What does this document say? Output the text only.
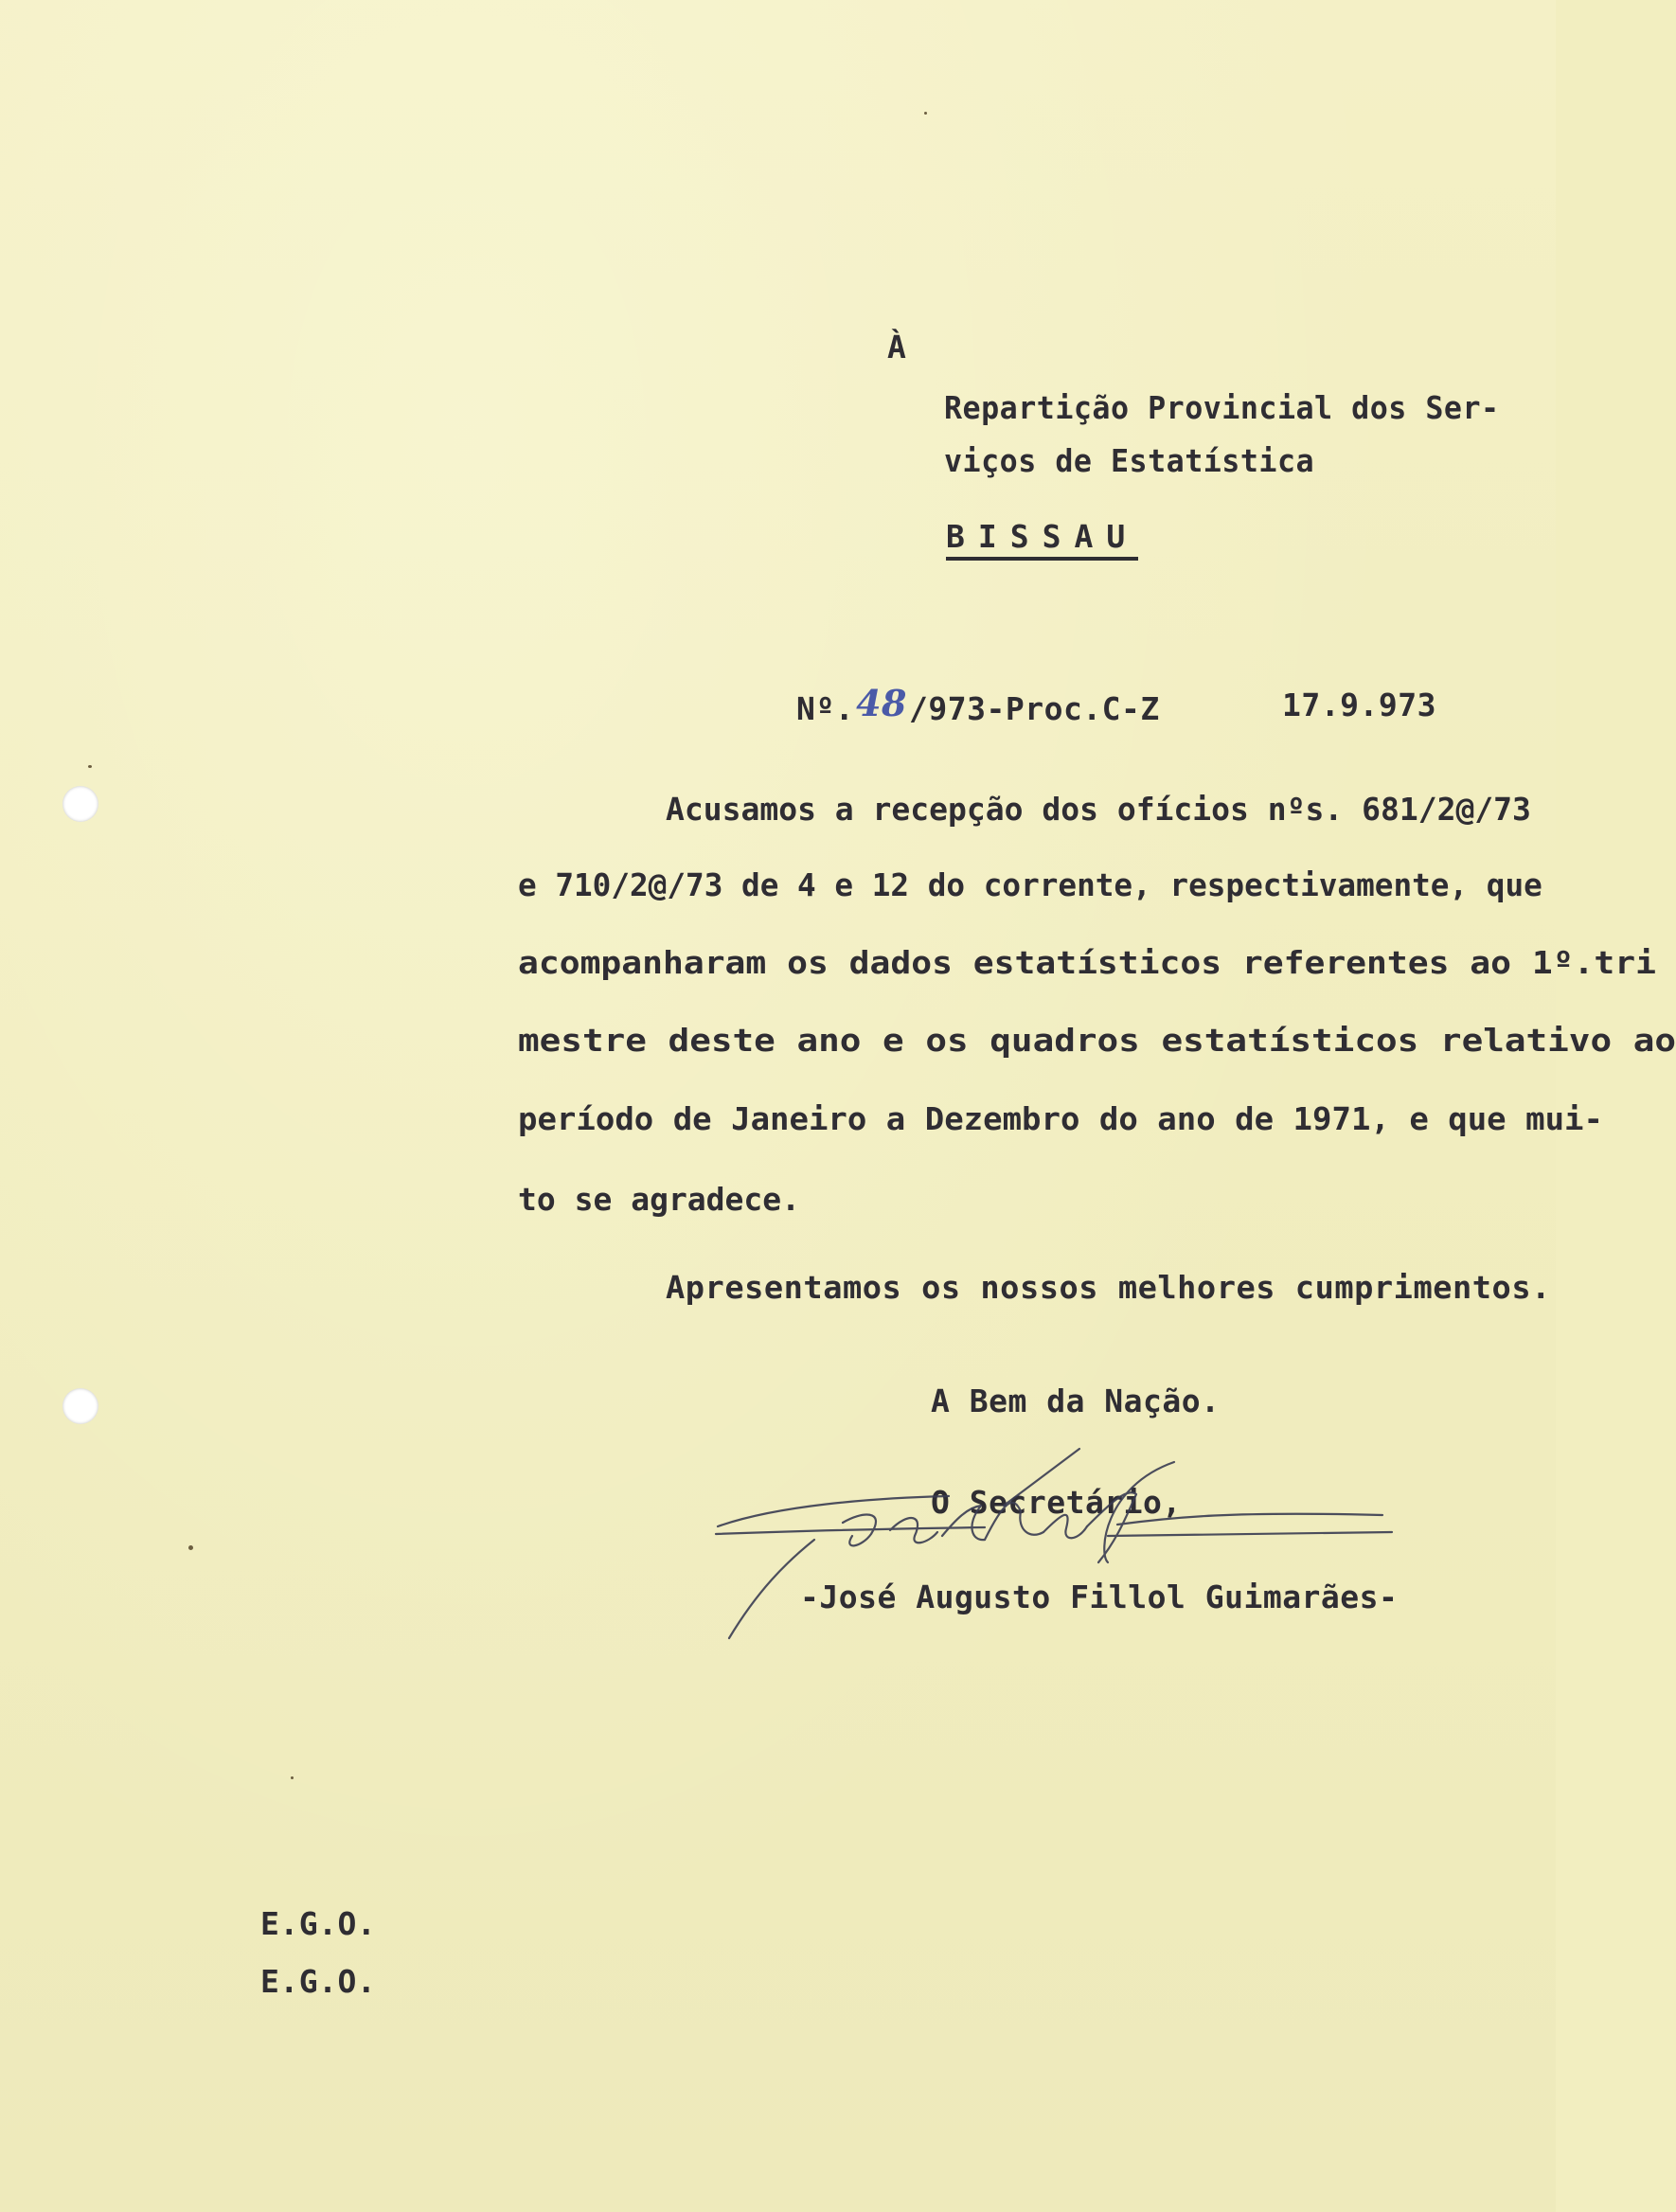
À
Repartição Provincial dos Ser-
viços de Estatística
BISSAU
Nº.48/973-Proc.C-Z	17.9.973
Acusamos a recepção dos ofícios nºs. 681/2@/73
e 710/2@/73 de 4 e 12 do corrente, respectivamente, que
acompanharam os dados estatísticos referentes ao 1º.tri
mestre deste ano e os quadros estatísticos relativo ao
período de Janeiro a Dezembro do ano de 1971, e que mui-
to se agradece.
Apresentamos os nossos melhores cumprimentos.
A Bem da Nação.
O Secretário,
-José Augusto Fillol Guimarães-
E.G.O.
E.G.O.
